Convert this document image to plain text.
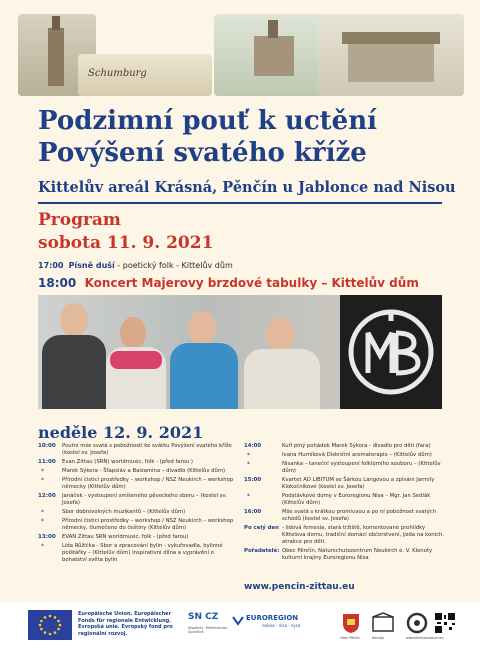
Schumburg
Podzimní pouť k uctění
Povýšení svatého kříže
Kittelův areál Krásná, Pěnčín u Jablonce nad Nisou
Program
sobota 11. 9. 2021
17:00 Písně duší - poetický folk - Kittelův dům
18:00 Koncert Majerovy brzdové tabulky – Kittelův dům
neděle 12. 9. 2021
10:00 Poutní mše svatá s pobožností ke svátku Povýšení svatého kříže (kostel sv. Josefa)
11:00 Evan Zittau (SRN) worldmusic, folk - (před farou )
*	Marek Sýkora - Šťapsláv a Balzamína – divadlo (Kittelův dům)
*	Přírodní čisticí prostředky – workshop / NSZ Neukirch – workshop německy (Kittelův dům)
12:00 Janáček - vystoupení smíšeného pěveckého sboru – (kostel sv. Josefa)
*	Sbor dobrovolných muzikantů – (Kittelův dům)
*	Přírodní čisticí prostředky – workshop / NSZ Neukirch – workshop německy, tlumočeno do češtiny (Kittelův dům)
13:00 EVAN Zittau SRN worldmusic, folk - (před farou)
*	Lída Růžička - Sbor a zpracování bylin - vykuřovadla, bylinné polštářky – (Kittelův dům) Inspirativní dílna a vyprávění o bohatství světa bylin
14:00	Kuří plný pohádek Marek Sýkora - divadlo pro děti (fara)
*	Ivana Hurníková Diskrétní aromaterapie – (Kittelův dům)
*	Nisanka – taneční vystoupení folklórního souboru – (Kittelův dům)
15:00	Kvartet AD LIBITUM se Šárkou Langovou a zpíváni Jarmily Klokočníkové (kostel sv. Josefa)
*	Podstávkové domy v Euroregionu Nisa – Mgr. Jan Sedlák (Kittelův dům)
16:00	Mše svatá s krátkou promluvou a po ní pobožnost svatých schodů (kostel sv. Josefa)
Po celý den - lidová řemesla, stará tržiště, komentované prohlídky Kittelova domu, tradiční domácí občerstvení, jízda na koních, atrakce pro děti.
Pořadatelé: Obec Pěnčín, Naturschutzzentrum Neukirch e. V. Klenoty kulturní krajiny Euroregionu Nisa
www.pencin-zittau.eu
Europäische Union. Europäischer Fonds für regionale Entwicklung. Evropská unie. Evropský fond pro regionální rozvoj.
SN CZ
Wspólnie. Mitteinander. Společně.
EUROREGION
neisse - nisa - nysa
Obec Pěnčín	Klenoty	www.kittelumuseum.eu
